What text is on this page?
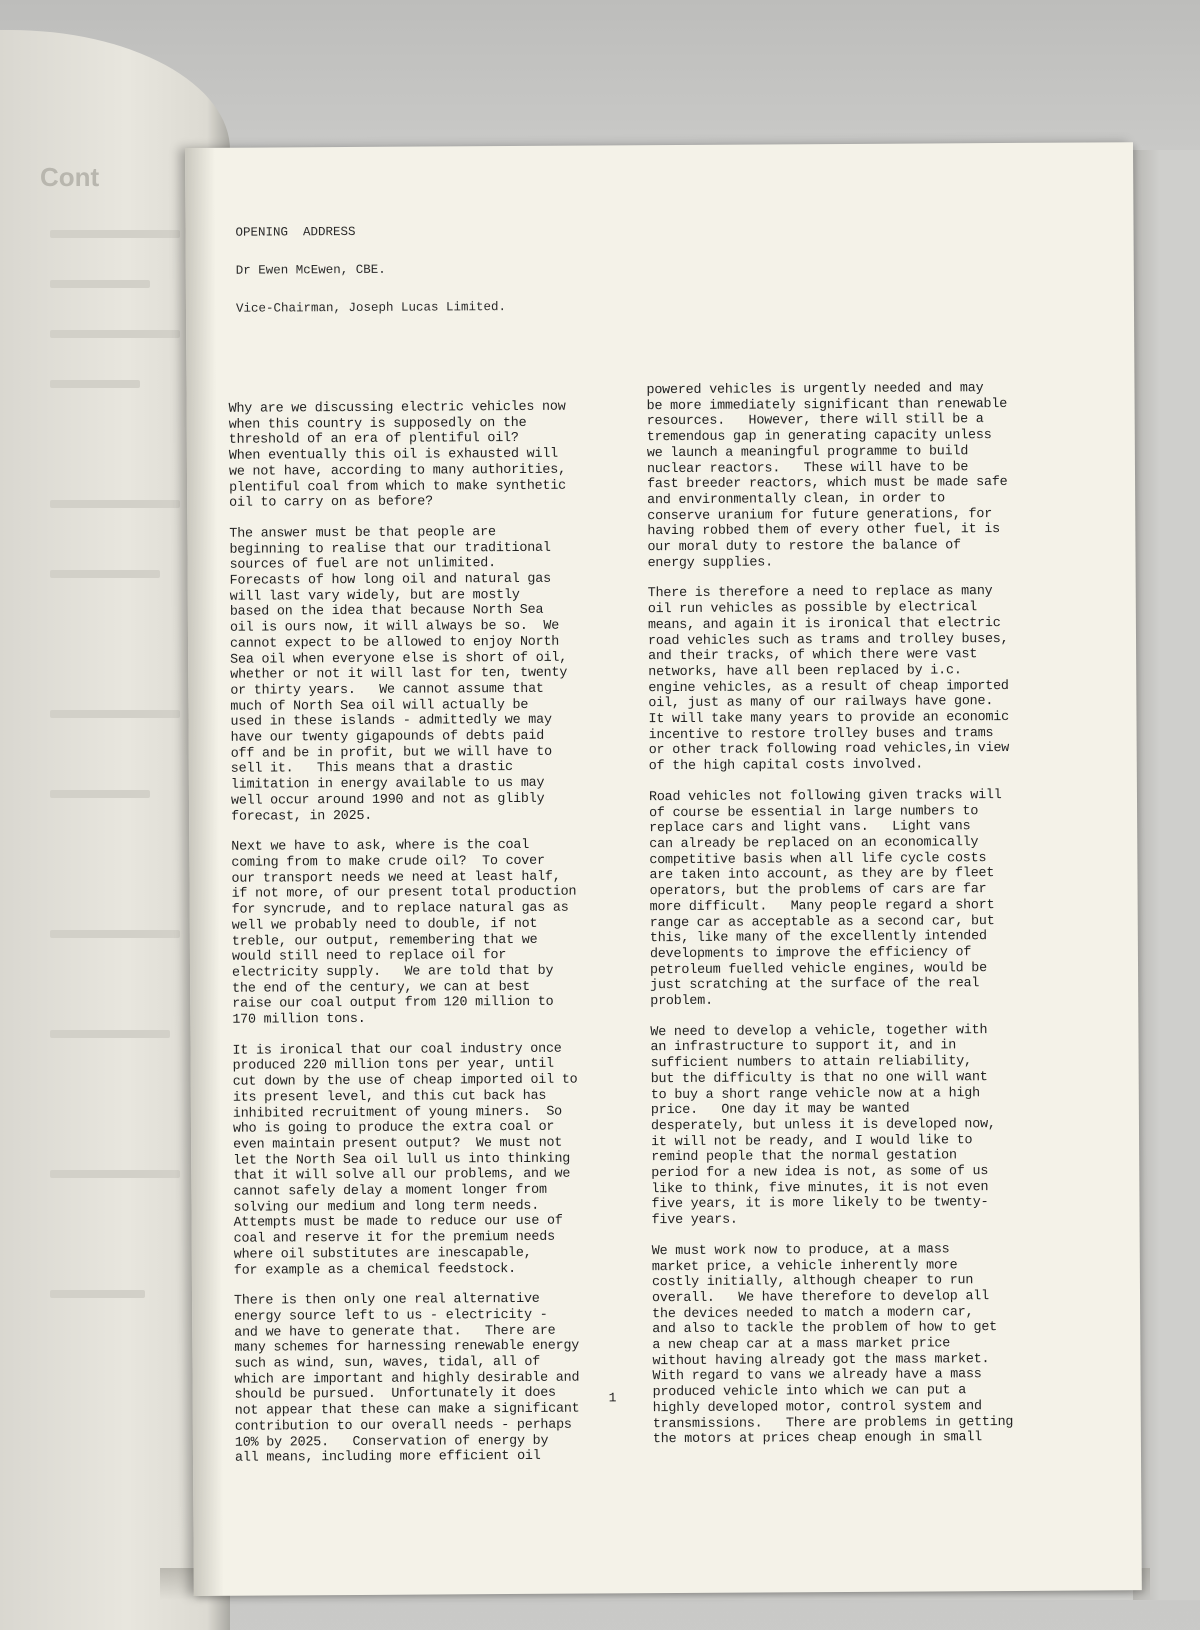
Cont
OPENING  ADDRESS
Dr Ewen McEwen, CBE.
Vice-Chairman, Joseph Lucas Limited.

Why are we discussing electric vehicles now
when this country is supposedly on the
threshold of an era of plentiful oil?
When eventually this oil is exhausted will
we not have, according to many authorities,
plentiful coal from which to make synthetic
oil to carry on as before?

The answer must be that people are
beginning to realise that our traditional
sources of fuel are not unlimited.
Forecasts of how long oil and natural gas
will last vary widely, but are mostly
based on the idea that because North Sea
oil is ours now, it will always be so.  We
cannot expect to be allowed to enjoy North
Sea oil when everyone else is short of oil,
whether or not it will last for ten, twenty
or thirty years.   We cannot assume that
much of North Sea oil will actually be
used in these islands - admittedly we may
have our twenty gigapounds of debts paid
off and be in profit, but we will have to
sell it.   This means that a drastic
limitation in energy available to us may
well occur around 1990 and not as glibly
forecast, in 2025.

Next we have to ask, where is the coal
coming from to make crude oil?  To cover
our transport needs we need at least half,
if not more, of our present total production
for syncrude, and to replace natural gas as
well we probably need to double, if not
treble, our output, remembering that we
would still need to replace oil for
electricity supply.   We are told that by
the end of the century, we can at best
raise our coal output from 120 million to
170 million tons.

It is ironical that our coal industry once
produced 220 million tons per year, until
cut down by the use of cheap imported oil to
its present level, and this cut back has
inhibited recruitment of young miners.  So
who is going to produce the extra coal or
even maintain present output?  We must not
let the North Sea oil lull us into thinking
that it will solve all our problems, and we
cannot safely delay a moment longer from
solving our medium and long term needs.
Attempts must be made to reduce our use of
coal and reserve it for the premium needs
where oil substitutes are inescapable,
for example as a chemical feedstock.

There is then only one real alternative
energy source left to us - electricity -
and we have to generate that.   There are
many schemes for harnessing renewable energy
such as wind, sun, waves, tidal, all of
which are important and highly desirable and
should be pursued.  Unfortunately it does
not appear that these can make a significant
contribution to our overall needs - perhaps
10% by 2025.   Conservation of energy by
all means, including more efficient oil

powered vehicles is urgently needed and may
be more immediately significant than renewable
resources.   However, there will still be a
tremendous gap in generating capacity unless
we launch a meaningful programme to build
nuclear reactors.   These will have to be
fast breeder reactors, which must be made safe
and environmentally clean, in order to
conserve uranium for future generations, for
having robbed them of every other fuel, it is
our moral duty to restore the balance of
energy supplies.

There is therefore a need to replace as many
oil run vehicles as possible by electrical
means, and again it is ironical that electric
road vehicles such as trams and trolley buses,
and their tracks, of which there were vast
networks, have all been replaced by i.c.
engine vehicles, as a result of cheap imported
oil, just as many of our railways have gone.
It will take many years to provide an economic
incentive to restore trolley buses and trams
or other track following road vehicles,in view
of the high capital costs involved.

Road vehicles not following given tracks will
of course be essential in large numbers to
replace cars and light vans.   Light vans
can already be replaced on an economically
competitive basis when all life cycle costs
are taken into account, as they are by fleet
operators, but the problems of cars are far
more difficult.   Many people regard a short
range car as acceptable as a second car, but
this, like many of the excellently intended
developments to improve the efficiency of
petroleum fuelled vehicle engines, would be
just scratching at the surface of the real
problem.

We need to develop a vehicle, together with
an infrastructure to support it, and in
sufficient numbers to attain reliability,
but the difficulty is that no one will want
to buy a short range vehicle now at a high
price.   One day it may be wanted
desperately, but unless it is developed now,
it will not be ready, and I would like to
remind people that the normal gestation
period for a new idea is not, as some of us
like to think, five minutes, it is not even
five years, it is more likely to be twenty-
five years.

We must work now to produce, at a mass
market price, a vehicle inherently more
costly initially, although cheaper to run
overall.   We have therefore to develop all
the devices needed to match a modern car,
and also to tackle the problem of how to get
a new cheap car at a mass market price
without having already got the mass market.
With regard to vans we already have a mass
produced vehicle into which we can put a
highly developed motor, control system and
transmissions.   There are problems in getting
the motors at prices cheap enough in small

1
